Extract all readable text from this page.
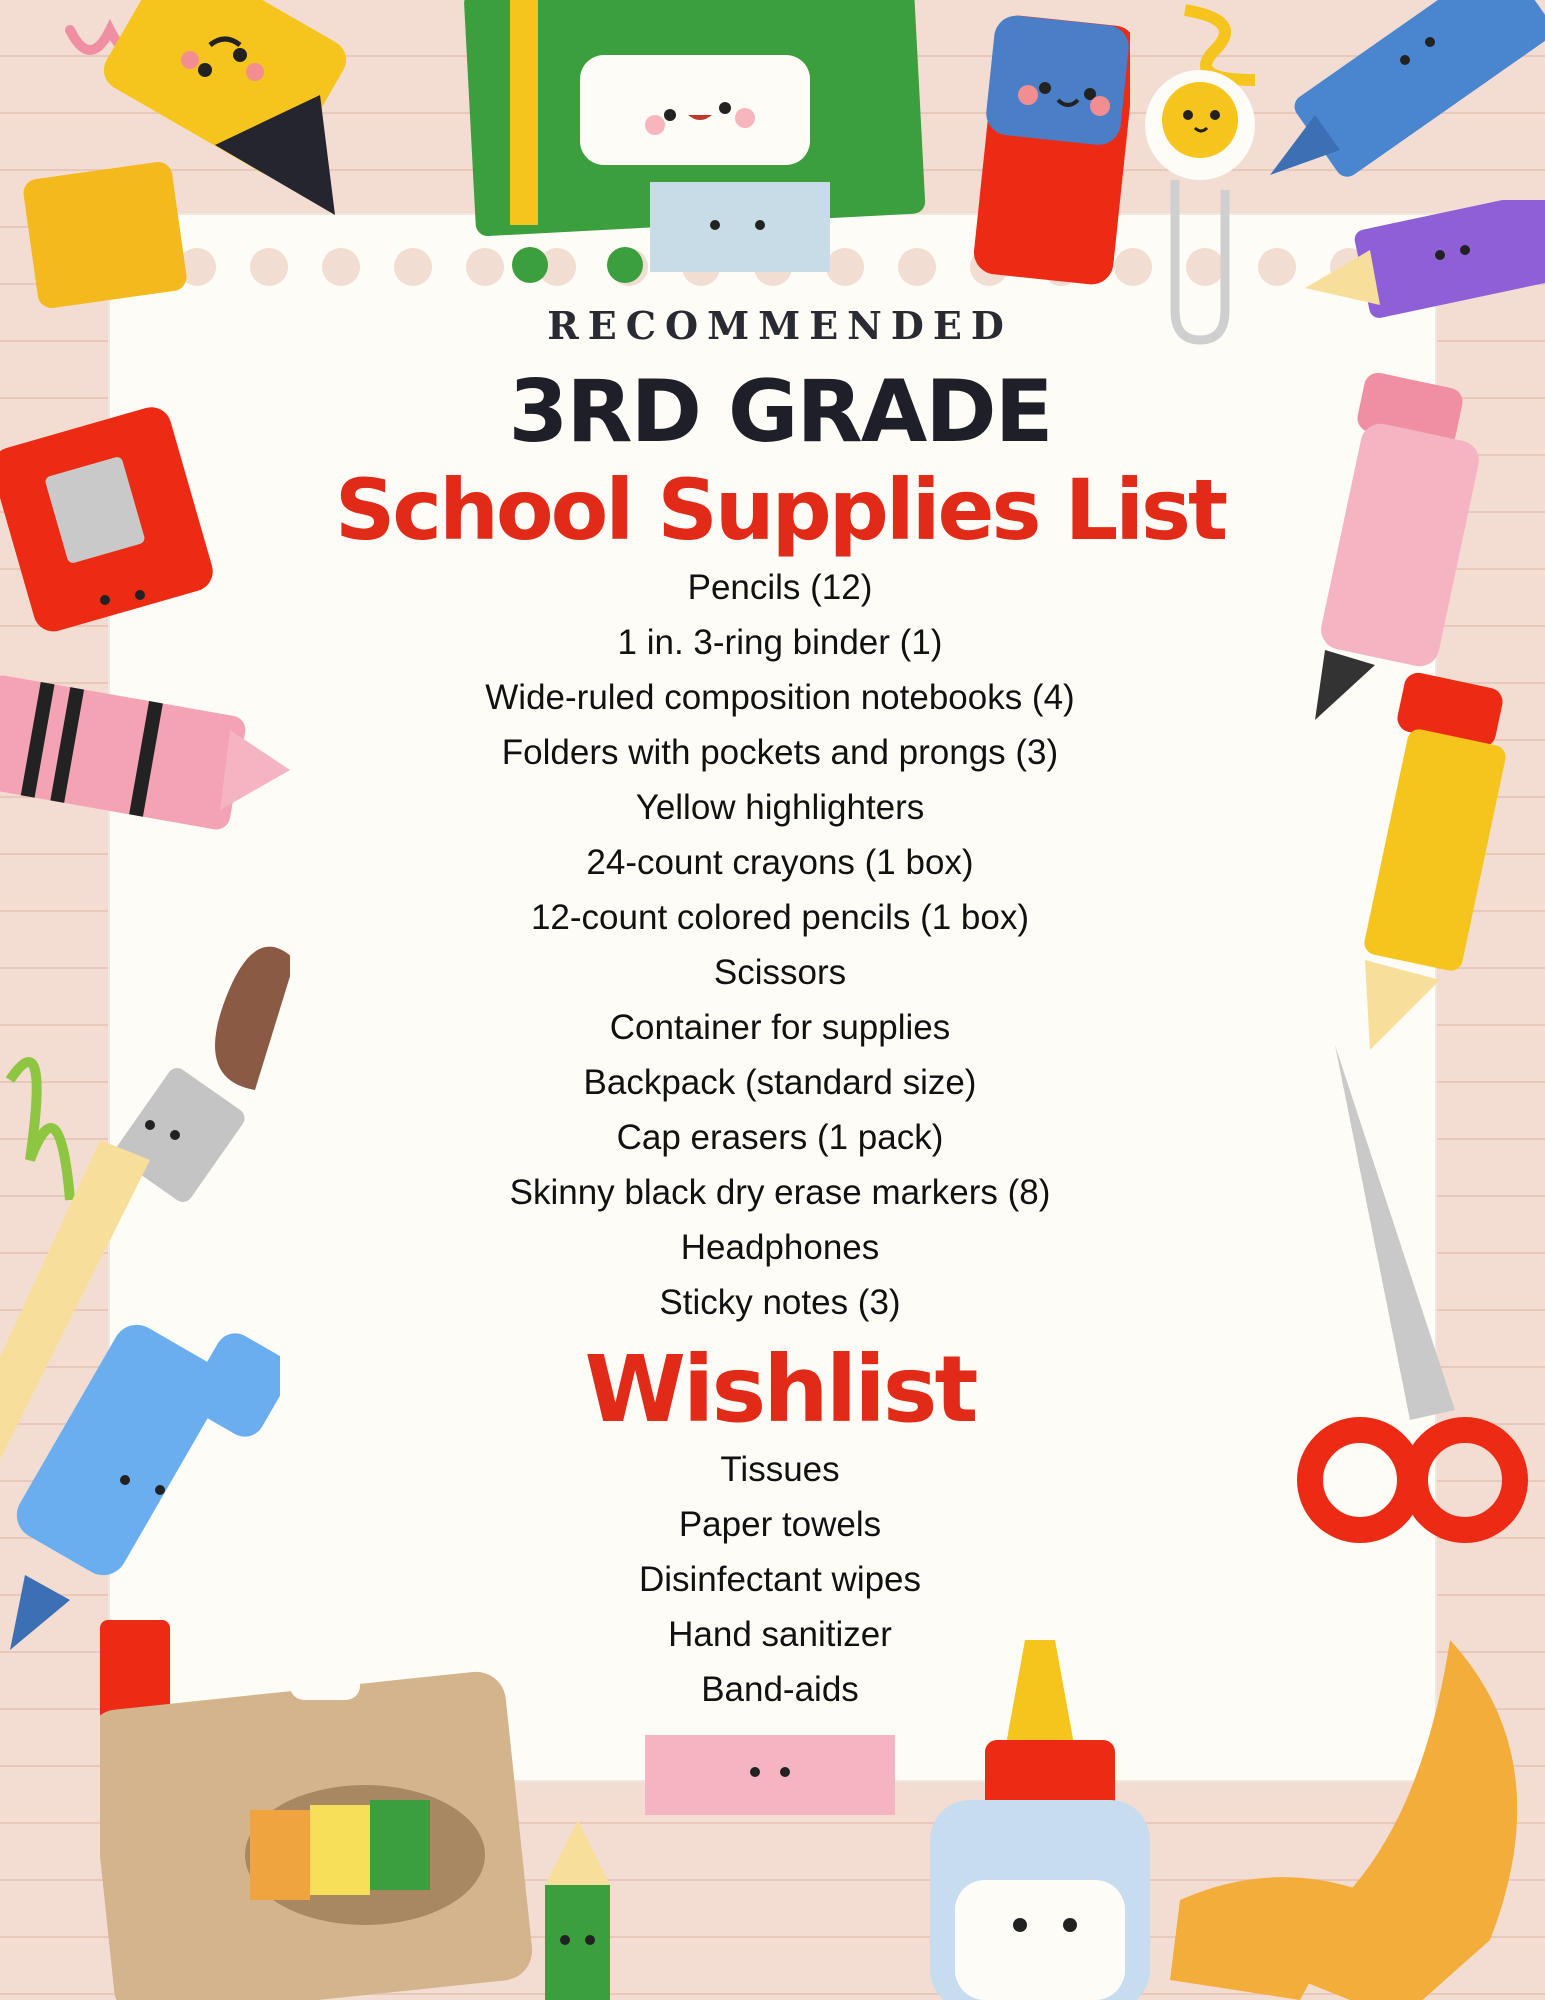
RECOMMENDED

3RD GRADE
School Supplies List
Pencils (12)
1 in. 3-ring binder (1)
Wide-ruled composition notebooks (4)
Folders with pockets and prongs (3)
Yellow highlighters
24-count crayons (1 box)
12-count colored pencils (1 box)
Scissors
Container for supplies
Backpack (standard size)
Cap erasers (1 pack)
Skinny black dry erase markers (8)
Headphones
Sticky notes (3)
Wishlist
Tissues
Paper towels
Disinfectant wipes
Hand sanitizer
Band-aids
